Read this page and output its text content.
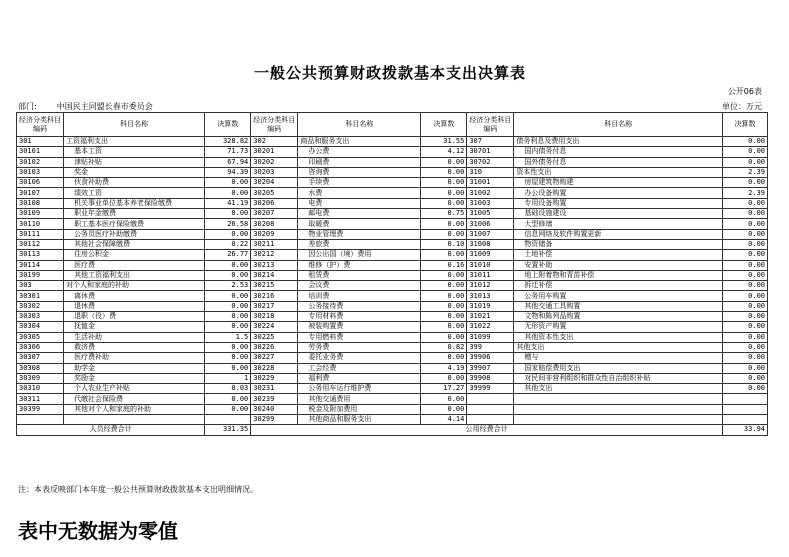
一般公共预算财政拨款基本支出决算表
公开06表
部门:	中国民主同盟长春市委员会	单位：万元
经济分类科目编码	科目名称	决算数	经济分类科目编码	科目名称	决算数	经济分类科目编码	科目名称	决算数
301	工资福利支出	328.82	302	商品和服务支出	31.55	307	债务利息及费用支出	0.00
30101	基本工资	71.73	30201	办公费	4.12	30701	国内债务付息	0.00
30102	津贴补贴	67.94	30202	印刷费	0.00	30702	国外债务付息	0.00
30103	奖金	94.39	30203	咨询费	0.00	310	资本性支出	2.39
30106	伙食补助费	0.00	30204	手续费	0.00	31001	房屋建筑物购建	0.00
30107	绩效工资	0.00	30205	水费	0.00	31002	办公设备购置	2.39
30108	机关事业单位基本养老保险缴费	41.19	30206	电费	0.00	31003	专用设备购置	0.00
30109	职业年金缴费	0.00	30207	邮电费	0.75	31005	基础设施建设	0.00
30110	职工基本医疗保险缴费	26.58	30208	取暖费	0.00	31006	大型修缮	0.00
30111	公务员医疗补助缴费	0.00	30209	物业管理费	0.00	31007	信息网络及软件购置更新	0.00
30112	其他社会保障缴费	0.22	30211	差旅费	0.10	31008	物资储备	0.00
30113	住房公积金	26.77	30212	因公出国（境）费用	0.00	31009	土地补偿	0.00
30114	医疗费	0.00	30213	维修（护）费	0.16	31010	安置补助	0.00
30199	其他工资福利支出	0.00	30214	租赁费	0.00	31011	地上附着物和青苗补偿	0.00
303	对个人和家庭的补助	2.53	30215	会议费	0.00	31012	拆迁补偿	0.00
30301	离休费	0.00	30216	培训费	0.00	31013	公务用车购置	0.00
30302	退休费	0.00	30217	公务接待费	0.00	31019	其他交通工具购置	0.00
30303	退职（役）费	0.00	30218	专用材料费	0.00	31021	文物和陈列品购置	0.00
30304	抚恤金	0.00	30224	被装购置费	0.00	31022	无形资产购置	0.00
30305	生活补助	1.5	30225	专用燃料费	0.00	31099	其他资本性支出	0.00
30306	救济费	0.00	30226	劳务费	0.82	399	其他支出	0.00
30307	医疗费补助	0.00	30227	委托业务费	0.00	39906	赠与	0.00
30308	助学金	0.00	30228	工会经费	4.19	39907	国家赔偿费用支出	0.00
30309	奖励金	1	30229	福利费	0.00	39908	对民间非营利组织和群众性自治组织补贴	0.00
30310	个人农业生产补贴	0.03	30231	公务用车运行维护费	17.27	39999	其他支出	0.00
30311	代缴社会保险费	0.00	30239	其他交通费用	0.00			
30399	其他对个人和家庭的补助	0.00	30240	税金及附加费用	0.00			
			30299	其他商品和服务支出	4.14			
人员经费合计		331.35	公用经费合计					33.94
注：本表反映部门本年度一般公共预算财政拨款基本支出明细情况。
表中无数据为零值
